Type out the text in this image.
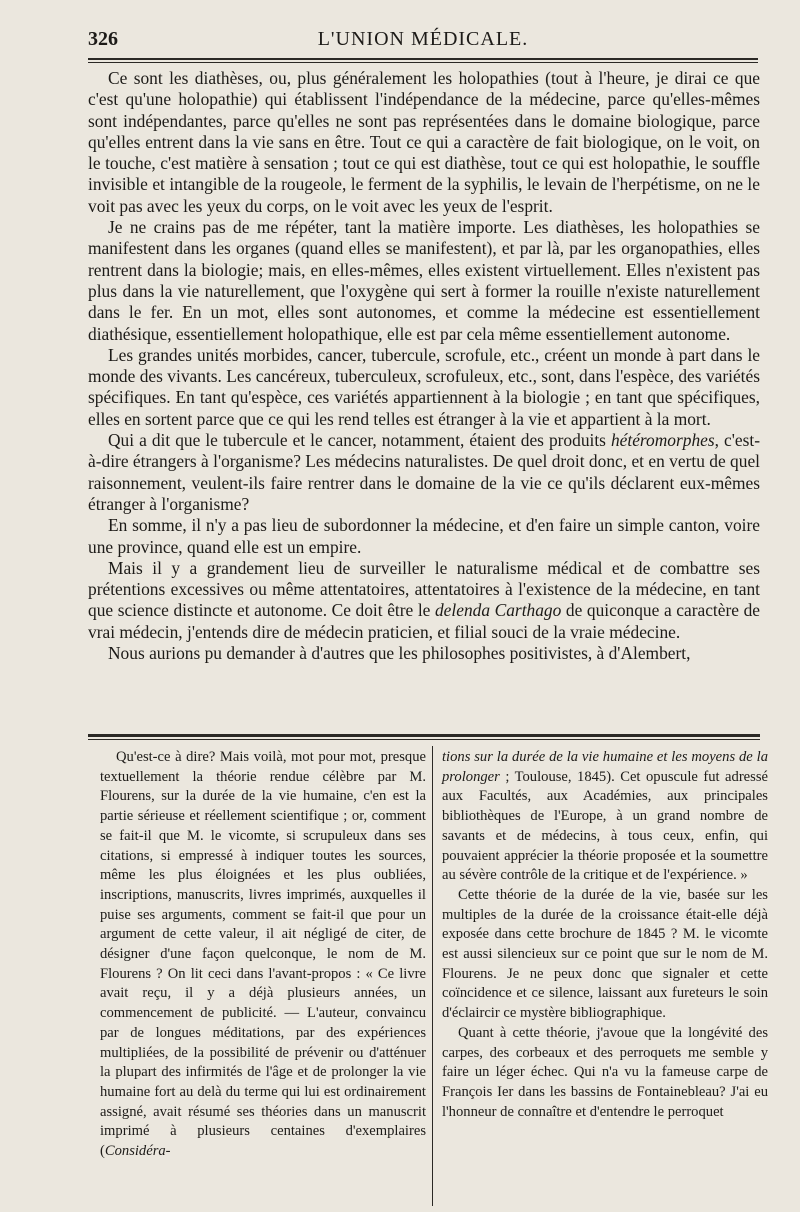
326	L'UNION MÉDICALE.

Ce sont les diathèses, ou, plus généralement les holopathies (tout à l'heure, je dirai ce que c'est qu'une holopathie) qui établissent l'indépendance de la médecine, parce qu'elles-mêmes sont indépendantes, parce qu'elles ne sont pas représentées dans le domaine biologique, parce qu'elles entrent dans la vie sans en être. Tout ce qui a caractère de fait biologique, on le voit, on le touche, c'est matière à sensation ; tout ce qui est diathèse, tout ce qui est holopathie, le souffle invisible et intangible de la rougeole, le ferment de la syphilis, le levain de l'herpétisme, on ne le voit pas avec les yeux du corps, on le voit avec les yeux de l'esprit.

Je ne crains pas de me répéter, tant la matière importe. Les diathèses, les holopathies se manifestent dans les organes (quand elles se manifestent), et par là, par les organopathies, elles rentrent dans la biologie; mais, en elles-mêmes, elles existent virtuellement. Elles n'existent pas plus dans la vie naturellement, que l'oxygène qui sert à former la rouille n'existe naturellement dans le fer. En un mot, elles sont autonomes, et comme la médecine est essentiellement diathésique, essentiellement holopathique, elle est par cela même essentiellement autonome.

Les grandes unités morbides, cancer, tubercule, scrofule, etc., créent un monde à part dans le monde des vivants. Les cancéreux, tuberculeux, scrofuleux, etc., sont, dans l'espèce, des variétés spécifiques. En tant qu'espèce, ces variétés appartiennent à la biologie ; en tant que spécifiques, elles en sortent parce que ce qui les rend telles est étranger à la vie et appartient à la mort.

Qui a dit que le tubercule et le cancer, notamment, étaient des produits hétéromorphes, c'est-à-dire étrangers à l'organisme? Les médecins naturalistes. De quel droit donc, et en vertu de quel raisonnement, veulent-ils faire rentrer dans le domaine de la vie ce qu'ils déclarent eux-mêmes étranger à l'organisme?

En somme, il n'y a pas lieu de subordonner la médecine, et d'en faire un simple canton, voire une province, quand elle est un empire.

Mais il y a grandement lieu de surveiller le naturalisme médical et de combattre ses prétentions excessives ou même attentatoires, attentatoires à l'existence de la médecine, en tant que science distincte et autonome. Ce doit être le delenda Carthago de quiconque a caractère de vrai médecin, j'entends dire de médecin praticien, et filial souci de la vraie médecine.

Nous aurions pu demander à d'autres que les philosophes positivistes, à d'Alembert,

Qu'est-ce à dire? Mais voilà, mot pour mot, presque textuellement la théorie rendue célèbre par M. Flourens, sur la durée de la vie humaine, c'en est la partie sérieuse et réellement scientifique ; or, comment se fait-il que M. le vicomte, si scrupuleux dans ses citations, si empressé à indiquer toutes les sources, même les plus éloignées et les plus oubliées, inscriptions, manuscrits, livres imprimés, auxquelles il puise ses arguments, comment se fait-il que pour un argument de cette valeur, il ait négligé de citer, de désigner d'une façon quelconque, le nom de M. Flourens ? On lit ceci dans l'avant-propos : « Ce livre avait reçu, il y a déjà plusieurs années, un commencement de publicité. — L'auteur, convaincu par de longues méditations, par des expériences multipliées, de la possibilité de prévenir ou d'atténuer la plupart des infirmités de l'âge et de prolonger la vie humaine fort au delà du terme qui lui est ordinairement assigné, avait résumé ses théories dans un manuscrit imprimé à plusieurs centaines d'exemplaires (Considéra-

tions sur la durée de la vie humaine et les moyens de la prolonger ; Toulouse, 1845). Cet opuscule fut adressé aux Facultés, aux Académies, aux principales bibliothèques de l'Europe, à un grand nombre de savants et de médecins, à tous ceux, enfin, qui pouvaient apprécier la théorie proposée et la soumettre au sévère contrôle de la critique et de l'expérience. »

Cette théorie de la durée de la vie, basée sur les multiples de la durée de la croissance était-elle déjà exposée dans cette brochure de 1845 ? M. le vicomte est aussi silencieux sur ce point que sur le nom de M. Flourens. Je ne peux donc que signaler et cette coïncidence et ce silence, laissant aux fureteurs le soin d'éclaircir ce mystère bibliographique.

Quant à cette théorie, j'avoue que la longévité des carpes, des corbeaux et des perroquets me semble y faire un léger échec. Qui n'a vu la fameuse carpe de François Ier dans les bassins de Fontainebleau? J'ai eu l'honneur de connaître et d'entendre le perroquet
